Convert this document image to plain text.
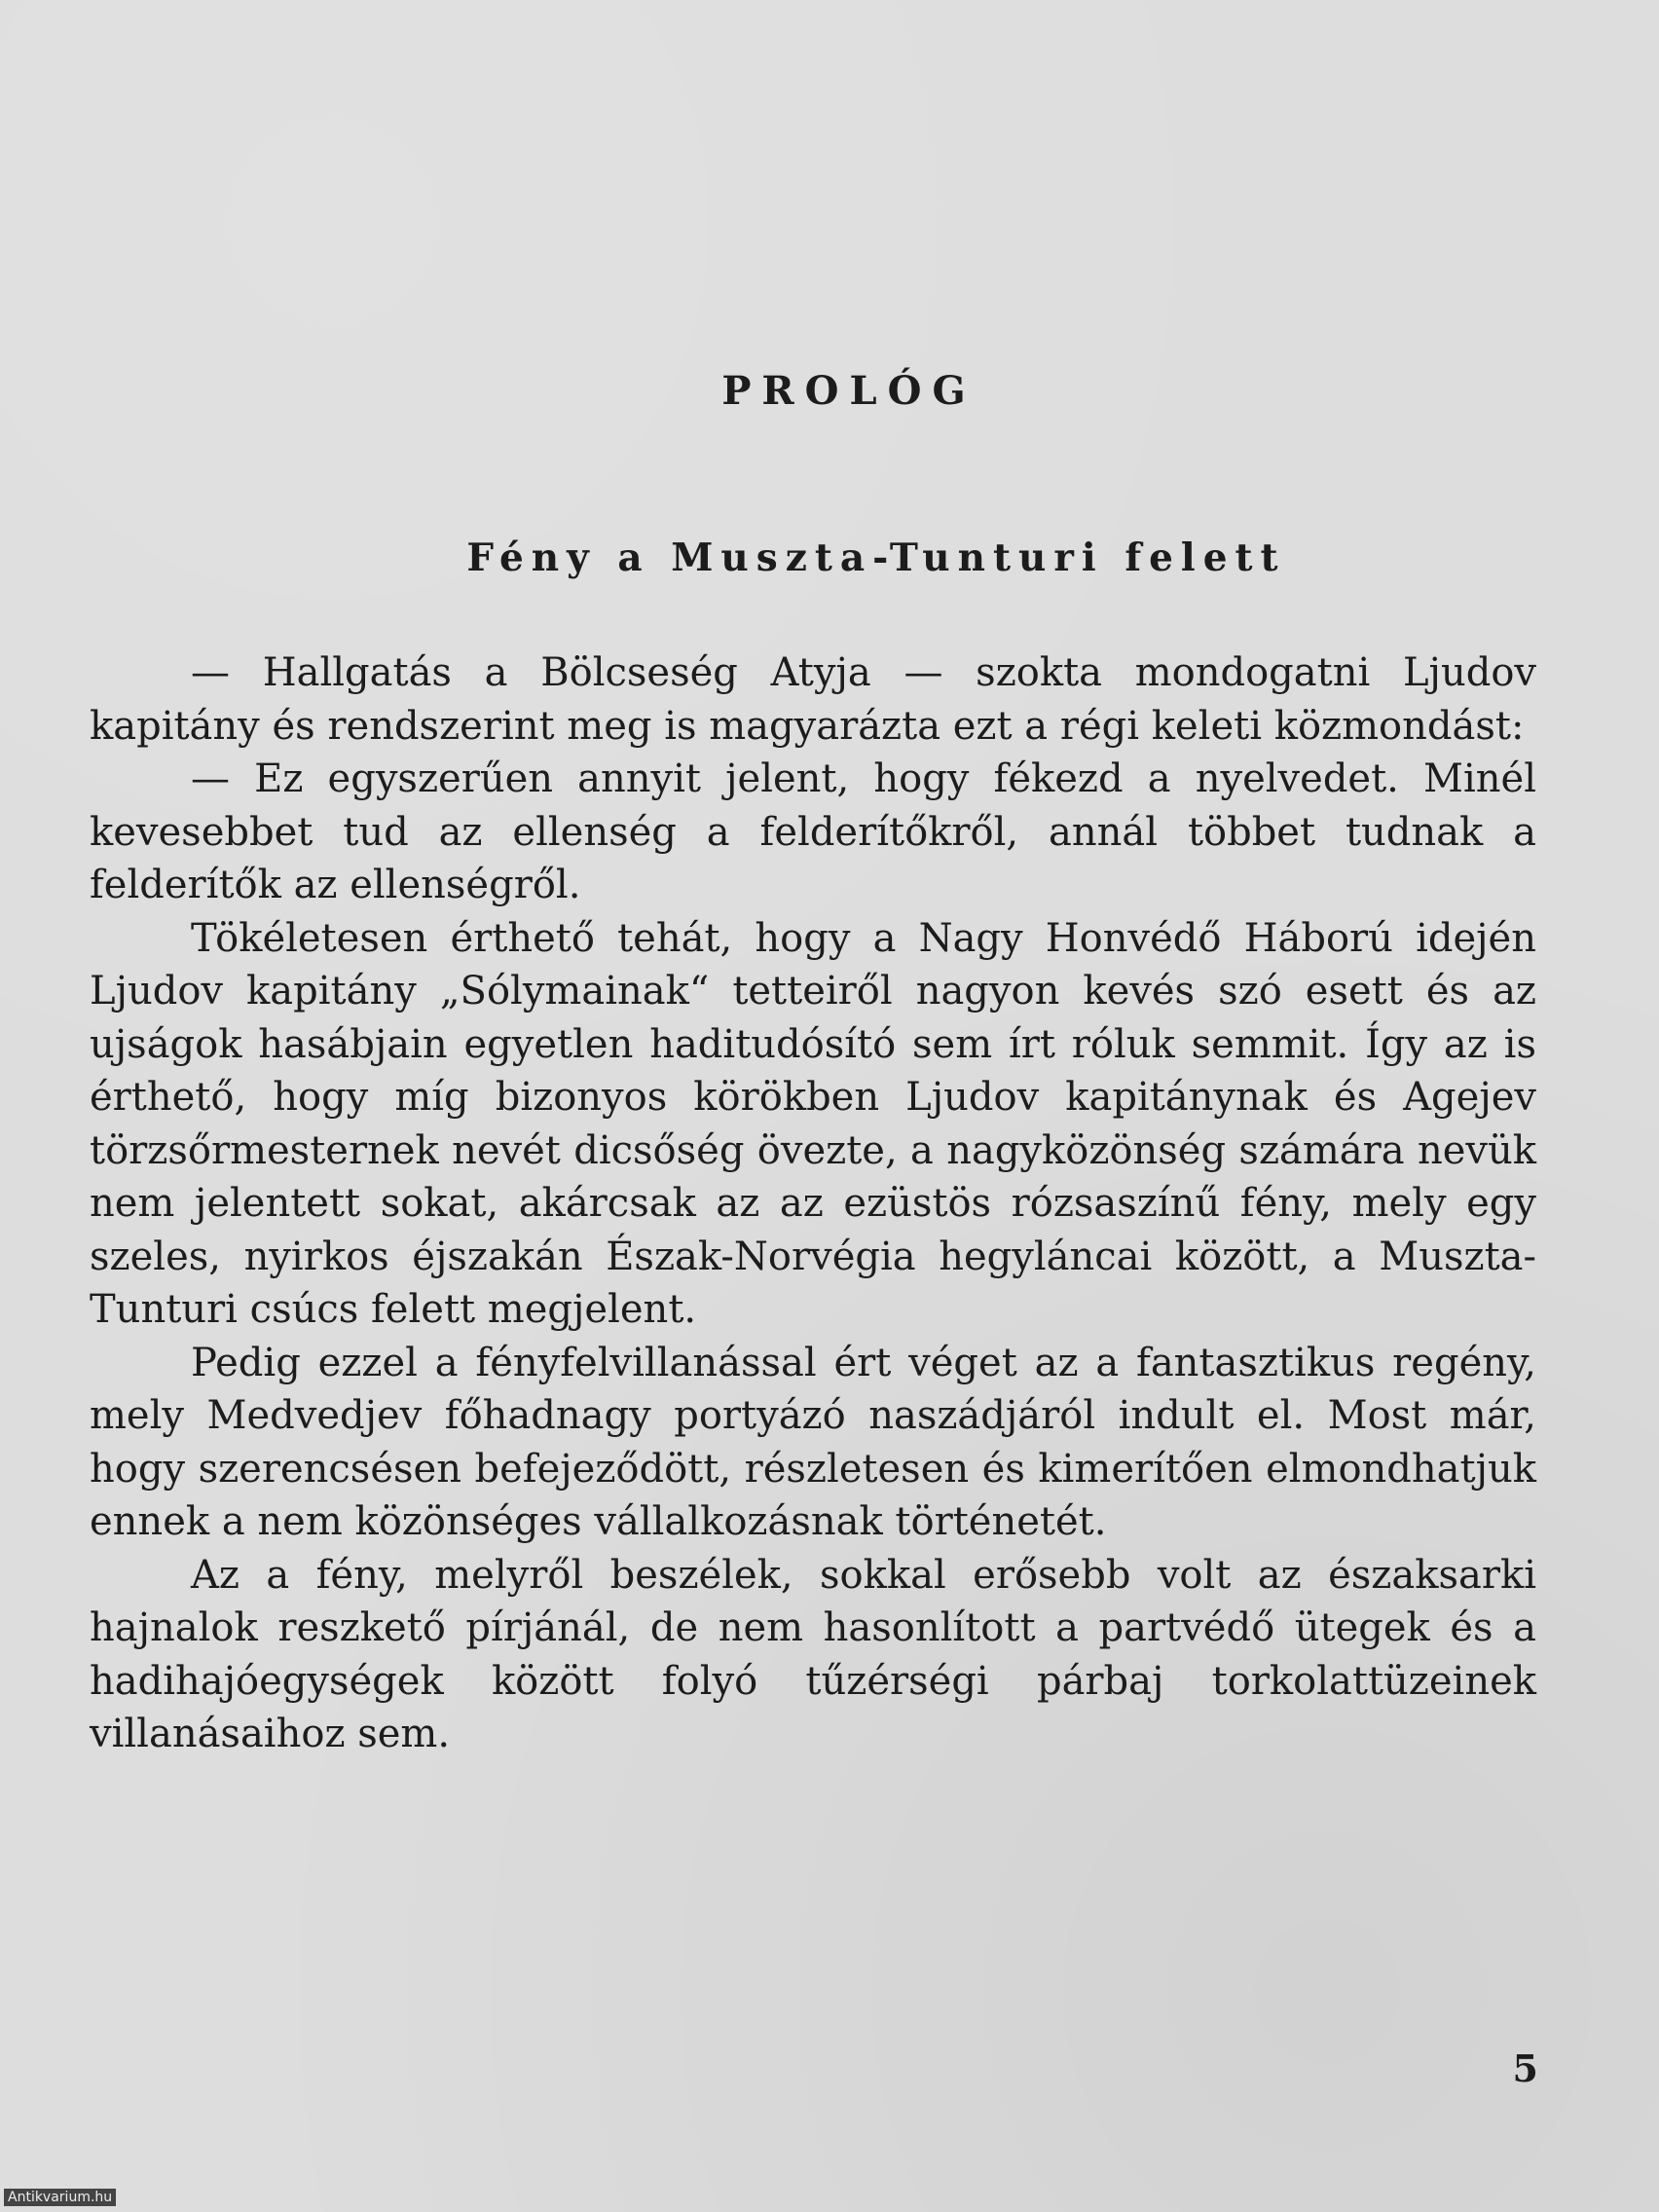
PROLÓG
Fény a Muszta-Tunturi felett

— Hallgatás a Bölcseség Atyja — szokta mondogatni Ljudov kapitány és rendszerint meg is magyarázta ezt a régi keleti közmondást:

— Ez egyszerűen annyit jelent, hogy fékezd a nyelvedet. Minél kevesebbet tud az ellenség a felderítőkről, annál többet tudnak a felderítők az ellenségről.

Tökéletesen érthető tehát, hogy a Nagy Honvédő Háború idején Ljudov kapitány „Sólymainak“ tetteiről nagyon kevés szó esett és az ujságok hasábjain egyetlen haditudósító sem írt róluk semmit. Így az is érthető, hogy míg bizonyos körökben Ljudov kapitánynak és Agejev törzsőrmesternek nevét dicsőség övezte, a nagyközönség számára nevük nem jelentett sokat, akárcsak az az ezüstös rózsaszínű fény, mely egy szeles, nyirkos éjszakán Észak-Norvégia hegyláncai között, a Muszta-Tunturi csúcs felett megjelent.

Pedig ezzel a fényfelvillanással ért véget az a fantasztikus regény, mely Medvedjev főhadnagy portyázó naszádjáról indult el. Most már, hogy szerencsésen befejeződött, részletesen és kimerítően elmondhatjuk ennek a nem közönséges vállalkozásnak történetét.

Az a fény, melyről beszélek, sokkal erősebb volt az északsarki hajnalok reszkető pírjánál, de nem hasonlított a partvédő ütegek és a hadihajóegységek között folyó tűzérségi párbaj torkolattüzeinek villanásaihoz sem.

5
Antikvarium.hu
